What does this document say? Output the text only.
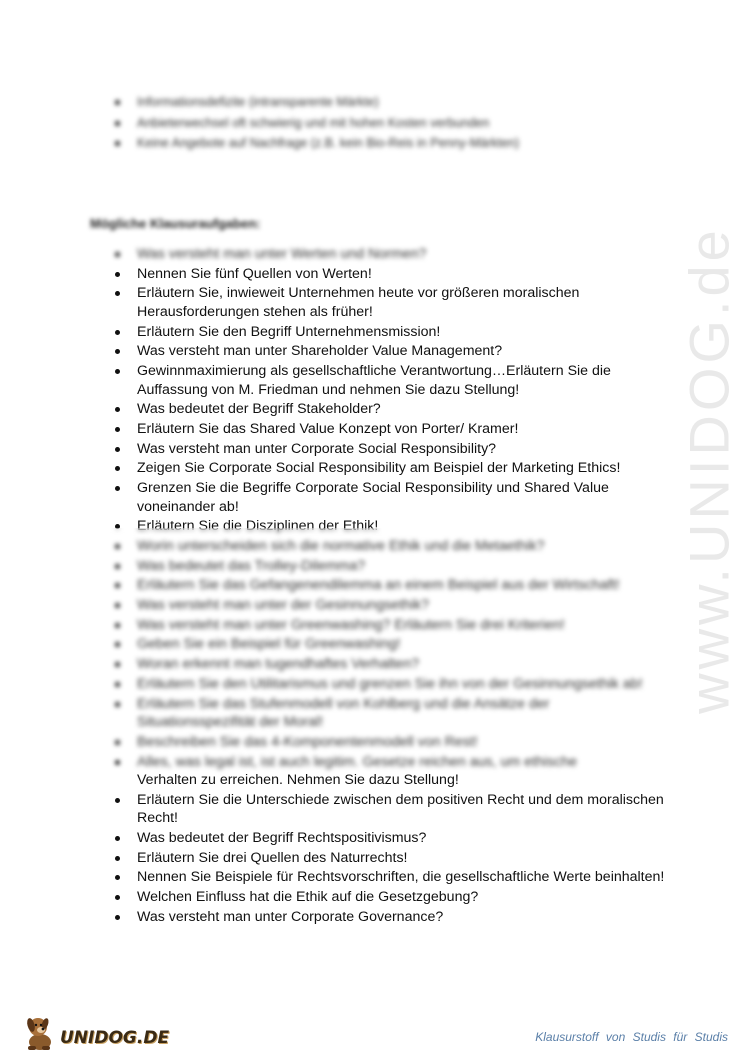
www.UNIDOG.de
Informationsdefizite (intransparente Märkte)
Anbieterwechsel oft schwierig und mit hohen Kosten verbunden
Keine Angebote auf Nachfrage (z.B. kein Bio-Reis in Penny-Märkten)
Mögliche Klausuraufgaben:
Was versteht man unter Werten und Normen?
Nennen Sie fünf Quellen von Werten!
Erläutern Sie, inwieweit Unternehmen heute vor größeren moralischen Herausforderungen stehen als früher!
Erläutern Sie den Begriff Unternehmensmission!
Was versteht man unter Shareholder Value Management?
Gewinnmaximierung als gesellschaftliche Verantwortung…Erläutern Sie die Auffassung von M. Friedman und nehmen Sie dazu Stellung!
Was bedeutet der Begriff Stakeholder?
Erläutern Sie das Shared Value Konzept von Porter/ Kramer!
Was versteht man unter Corporate Social Responsibility?
Zeigen Sie Corporate Social Responsibility am Beispiel der Marketing Ethics!
Grenzen Sie die Begriffe Corporate Social Responsibility und Shared Value voneinander ab!
Erläutern Sie die Disziplinen der Ethik!
Worin unterscheiden sich die normative Ethik und die Metaethik?
Was bedeutet das Trolley-Dilemma?
Erläutern Sie das Gefangenendilemma an einem Beispiel aus der Wirtschaft!
Was versteht man unter der Gesinnungsethik?
Was versteht man unter Greenwashing? Erläutern Sie drei Kriterien!
Geben Sie ein Beispiel für Greenwashing!
Woran erkennt man tugendhaftes Verhalten?
Erläutern Sie den Utilitarismus und grenzen Sie ihn von der Gesinnungsethik ab!
Erläutern Sie das Stufenmodell von Kohlberg und die Ansätze der Situationsspezifität der Moral!
Beschreiben Sie das 4-Komponentenmodell von Rest!
Alles, was legal ist, ist auch legitim. Gesetze reichen aus, um ethische
Verhalten zu erreichen. Nehmen Sie dazu Stellung!
Erläutern Sie die Unterschiede zwischen dem positiven Recht und dem moralischen Recht!
Was bedeutet der Begriff Rechtspositivismus?
Erläutern Sie drei Quellen des Naturrechts!
Nennen Sie Beispiele für Rechtsvorschriften, die gesellschaftliche Werte beinhalten!
Welchen Einfluss hat die Ethik auf die Gesetzgebung?
Was versteht man unter Corporate Governance?
UNIDOG.DE	Klausurstoff von Studis für Studis
